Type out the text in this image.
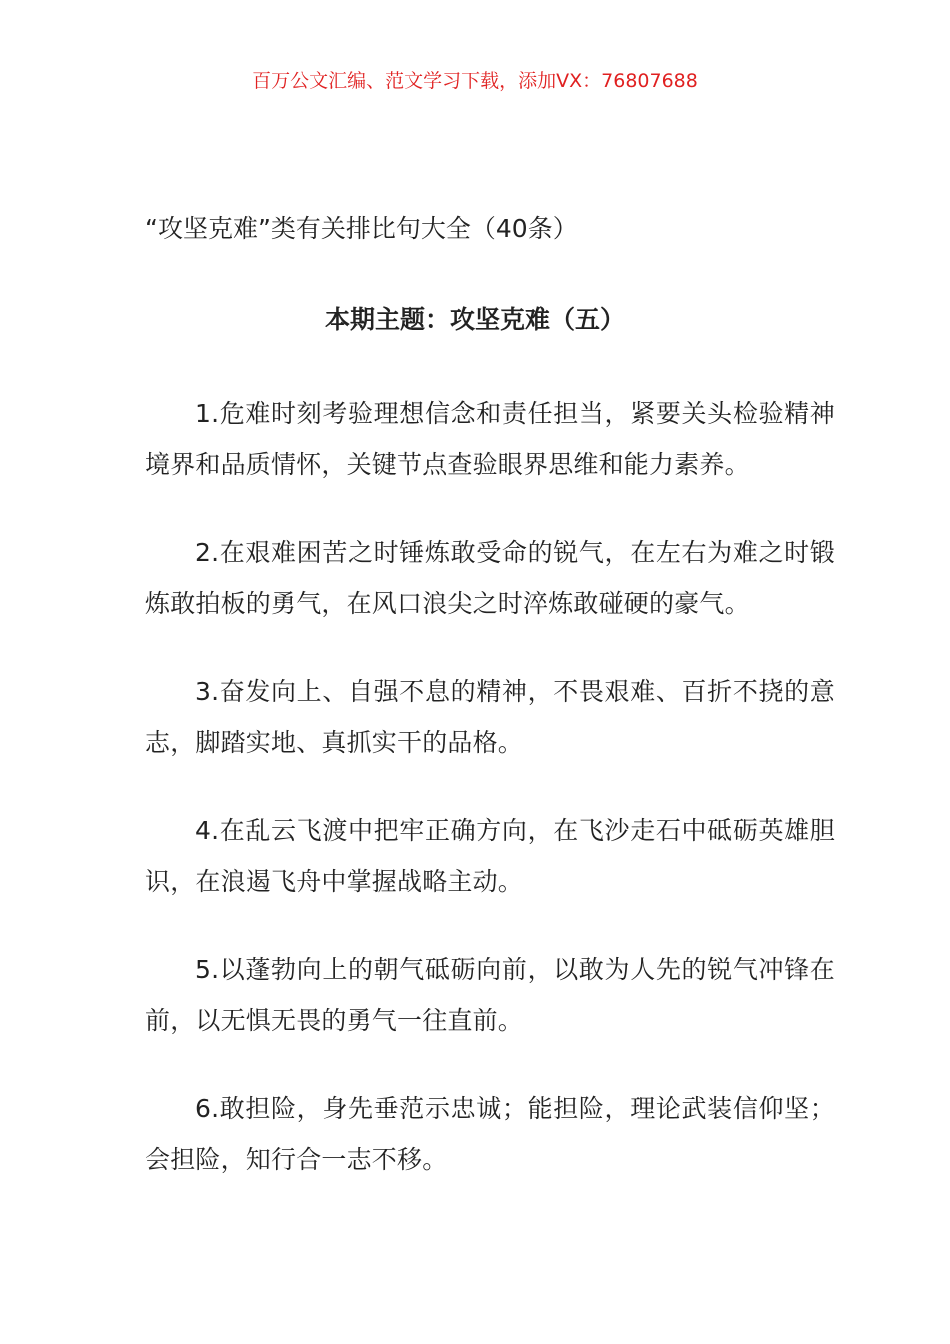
百万公文汇编、范文学习下载，添加VX：76807688
“攻坚克难”类有关排比句大全（40条）
本期主题：攻坚克难（五）

1.危难时刻考验理想信念和责任担当，紧要关头检验精神境界和品质情怀，关键节点查验眼界思维和能力素养。

2.在艰难困苦之时锤炼敢受命的锐气，在左右为难之时锻炼敢拍板的勇气，在风口浪尖之时淬炼敢碰硬的豪气。

3.奋发向上、自强不息的精神，不畏艰难、百折不挠的意志，脚踏实地、真抓实干的品格。

4.在乱云飞渡中把牢正确方向，在飞沙走石中砥砺英雄胆识，在浪遏飞舟中掌握战略主动。

5.以蓬勃向上的朝气砥砺向前，以敢为人先的锐气冲锋在前，以无惧无畏的勇气一往直前。

6.敢担险，身先垂范示忠诚；能担险，理论武装信仰坚；会担险，知行合一志不移。
